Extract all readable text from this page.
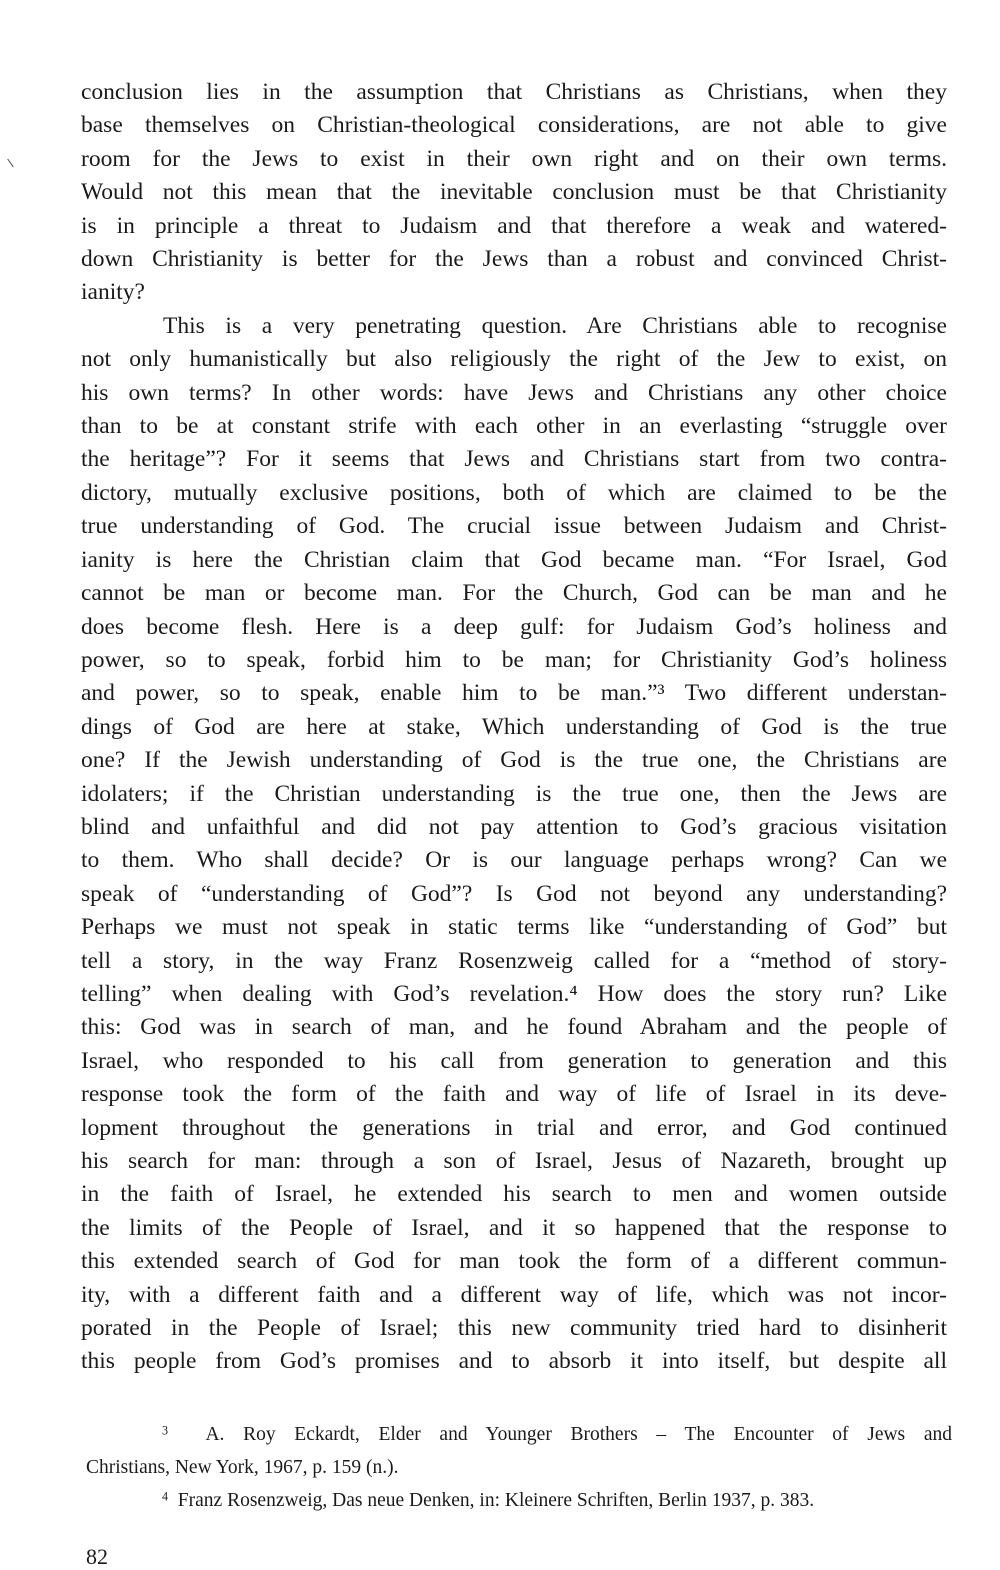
conclusion lies in the assumption that Christians as Christians, when they
base themselves on Christian-theological considerations, are not able to give
room for the Jews to exist in their own right and on their own terms.
Would not this mean that the inevitable conclusion must be that Christianity
is in principle a threat to Judaism and that therefore a weak and watered-
down Christianity is better for the Jews than a robust and convinced Christ-
ianity?
This is a very penetrating question. Are Christians able to recognise
not only humanistically but also religiously the right of the Jew to exist, on
his own terms? In other words: have Jews and Christians any other choice
than to be at constant strife with each other in an everlasting “struggle over
the heritage”? For it seems that Jews and Christians start from two contra-
dictory, mutually exclusive positions, both of which are claimed to be the
true understanding of God. The crucial issue between Judaism and Christ-
ianity is here the Christian claim that God became man. “For Israel, God
cannot be man or become man. For the Church, God can be man and he
does become flesh. Here is a deep gulf: for Judaism God’s holiness and
power, so to speak, forbid him to be man; for Christianity God’s holiness
and power, so to speak, enable him to be man.”³ Two different understan-
dings of God are here at stake, Which understanding of God is the true
one? If the Jewish understanding of God is the true one, the Christians are
idolaters; if the Christian understanding is the true one, then the Jews are
blind and unfaithful and did not pay attention to God’s gracious visitation
to them. Who shall decide? Or is our language perhaps wrong? Can we
speak of “understanding of God”? Is God not beyond any understanding?
Perhaps we must not speak in static terms like “understanding of God” but
tell a story, in the way Franz Rosenzweig called for a “method of story-
telling” when dealing with God’s revelation.⁴ How does the story run? Like
this: God was in search of man, and he found Abraham and the people of
Israel, who responded to his call from generation to generation and this
response took the form of the faith and way of life of Israel in its deve-
lopment throughout the generations in trial and error, and God continued
his search for man: through a son of Israel, Jesus of Nazareth, brought up
in the faith of Israel, he extended his search to men and women outside
the limits of the People of Israel, and it so happened that the response to
this extended search of God for man took the form of a different commun-
ity, with a different faith and a different way of life, which was not incor-
porated in the People of Israel; this new community tried hard to disinherit
this people from God’s promises and to absorb it into itself, but despite all
$^3$ A. Roy Eckardt, Elder and Younger Brothers – The Encounter of Jews and
Christians, New York, 1967, p. 159 (n.).
$^4$ Franz Rosenzweig, Das neue Denken, in: Kleinere Schriften, Berlin 1937, p. 383.
82
